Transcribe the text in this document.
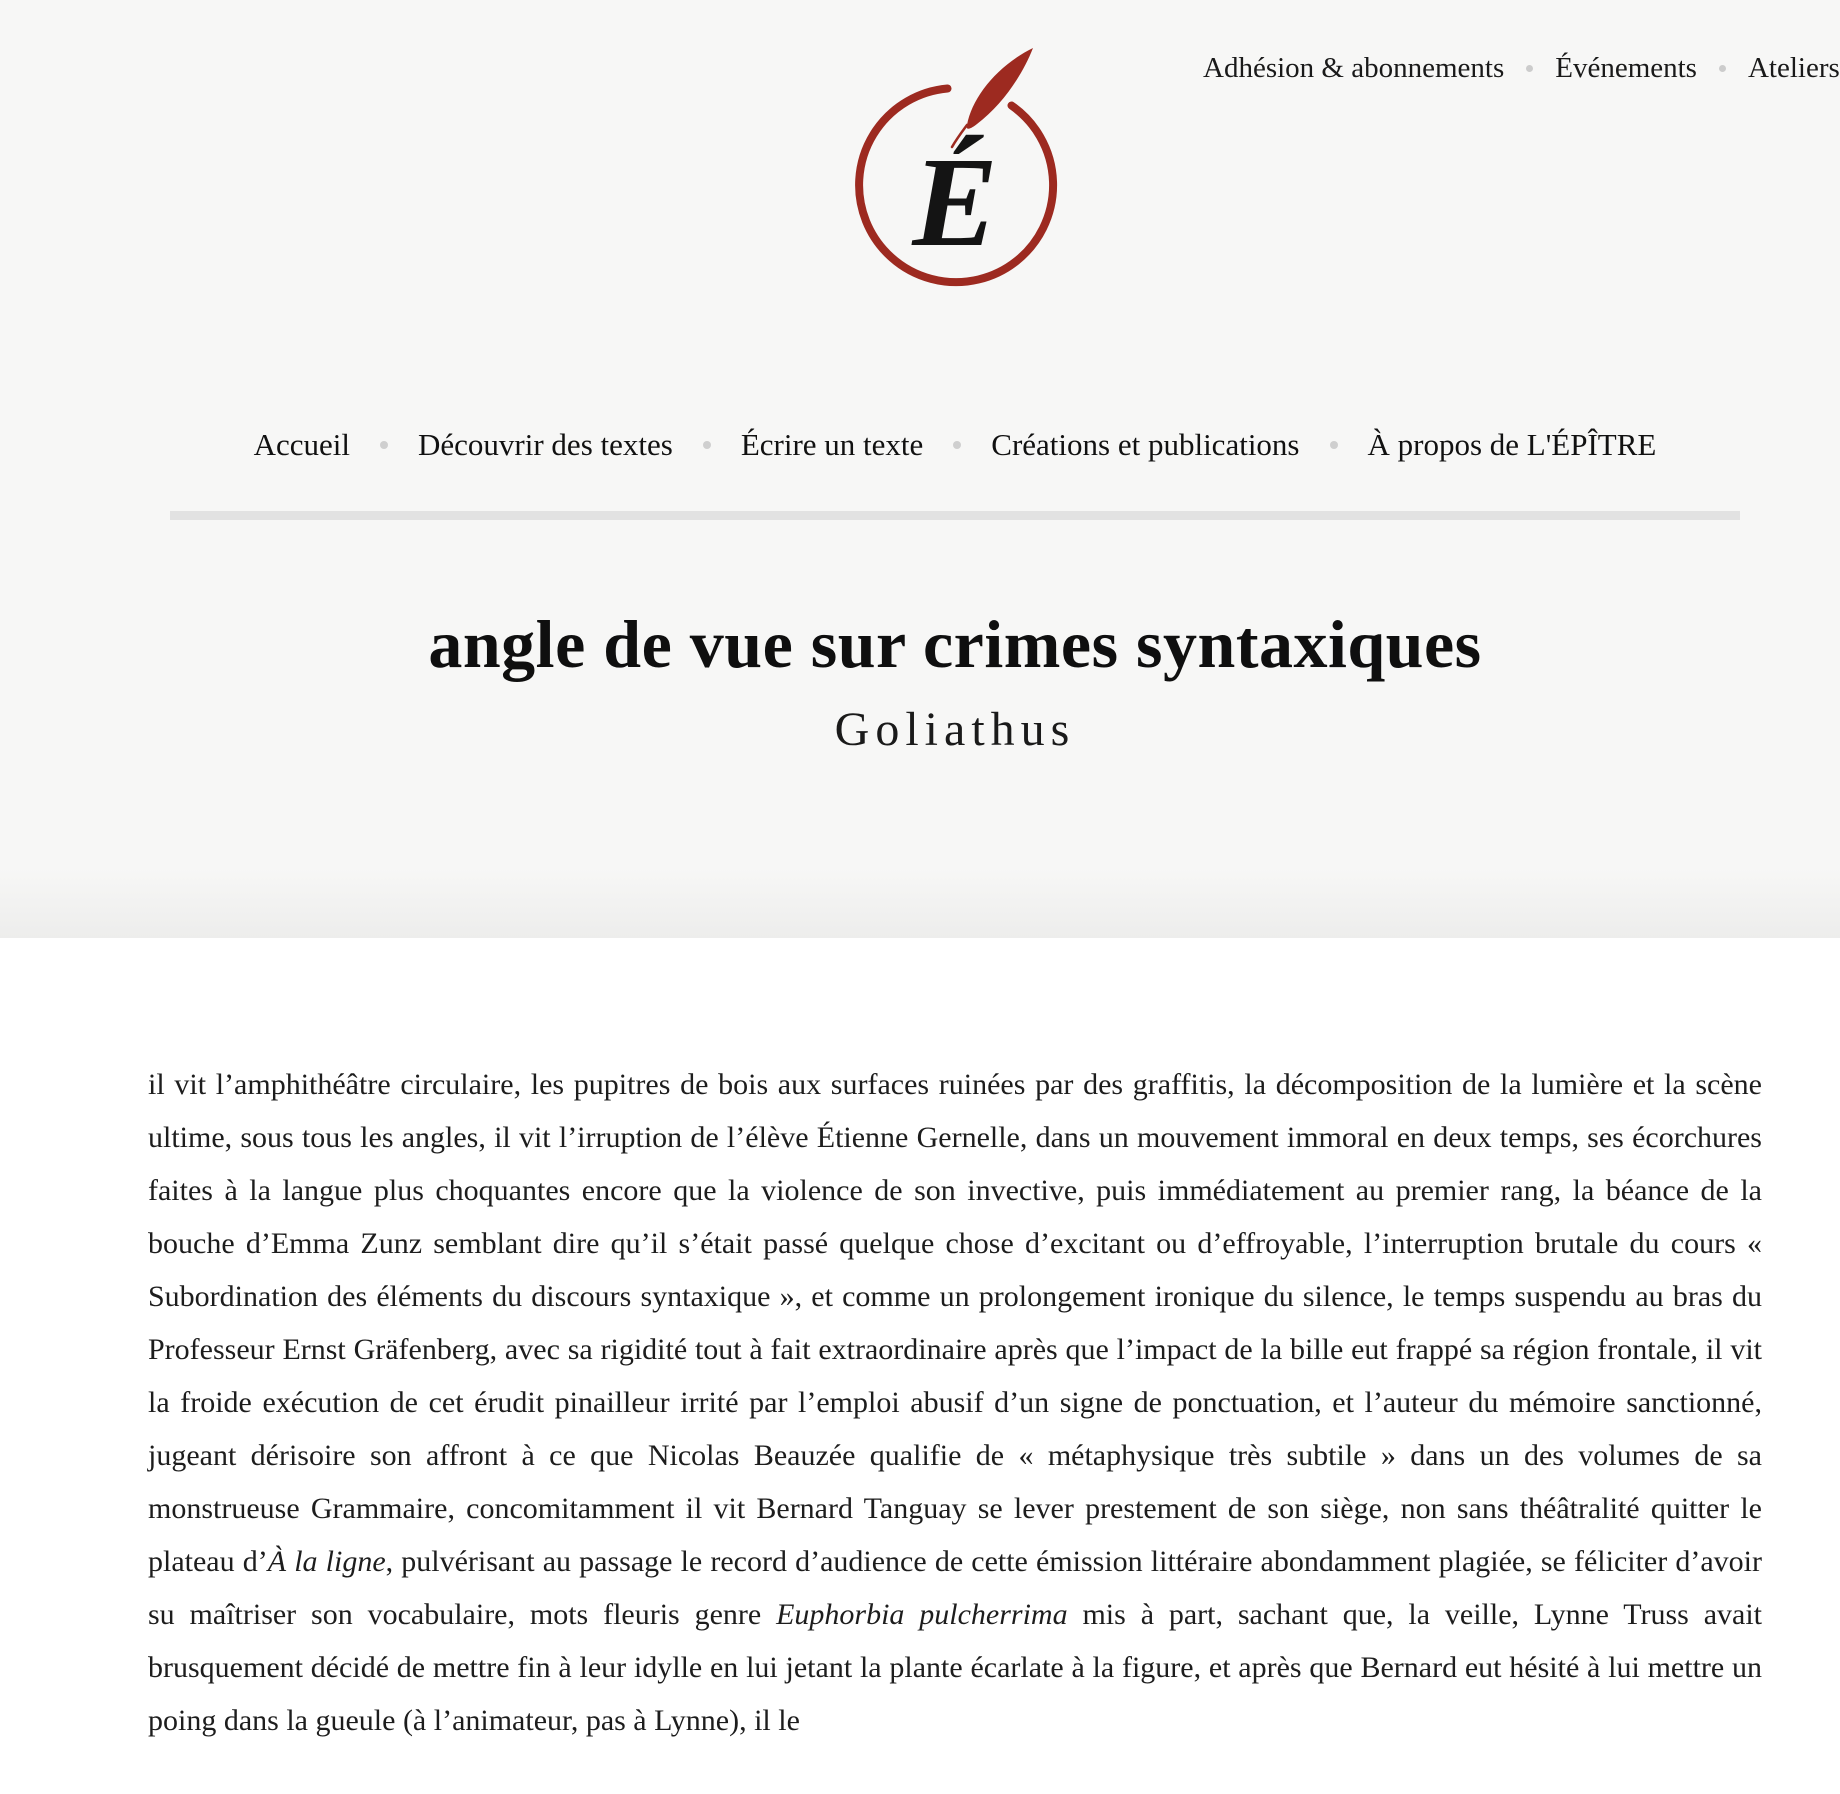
Adhésion & abonnements Événements Ateliers
É
Accueil Découvrir des textes Écrire un texte Créations et publications À propos de L'ÉPÎTRE
angle de vue sur crimes syntaxiques
Goliathus

il vit l’amphithéâtre circulaire, les pupitres de bois aux surfaces ruinées par des graffitis, la décomposition de la lumière et la scène ultime, sous tous les angles, il vit l’irruption de l’élève Étienne Gernelle, dans un mouvement immoral en deux temps, ses écorchures faites à la langue plus choquantes encore que la violence de son invective, puis immédiatement au premier rang, la béance de la bouche d’Emma Zunz semblant dire qu’il s’était passé quelque chose d’excitant ou d’effroyable, l’interruption brutale du cours « Subordination des éléments du discours syntaxique », et comme un prolongement ironique du silence, le temps suspendu au bras du Professeur Ernst Gräfenberg, avec sa rigidité tout à fait extraordinaire après que l’impact de la bille eut frappé sa région frontale, il vit la froide exécution de cet érudit pinailleur irrité par l’emploi abusif d’un signe de ponctuation, et l’auteur du mémoire sanctionné, jugeant dérisoire son affront à ce que Nicolas Beauzée qualifie de « métaphysique très subtile » dans un des volumes de sa monstrueuse Grammaire, concomitamment il vit Bernard Tanguay se lever prestement de son siège, non sans théâtralité quitter le plateau d’À la ligne, pulvérisant au passage le record d’audience de cette émission littéraire abondamment plagiée, se féliciter d’avoir su maîtriser son vocabulaire, mots fleuris genre Euphorbia pulcherrima mis à part, sachant que, la veille, Lynne Truss avait brusquement décidé de mettre fin à leur idylle en lui jetant la plante écarlate à la figure, et après que Bernard eut hésité à lui mettre un poing dans la gueule (à l’animateur, pas à Lynne), il le
